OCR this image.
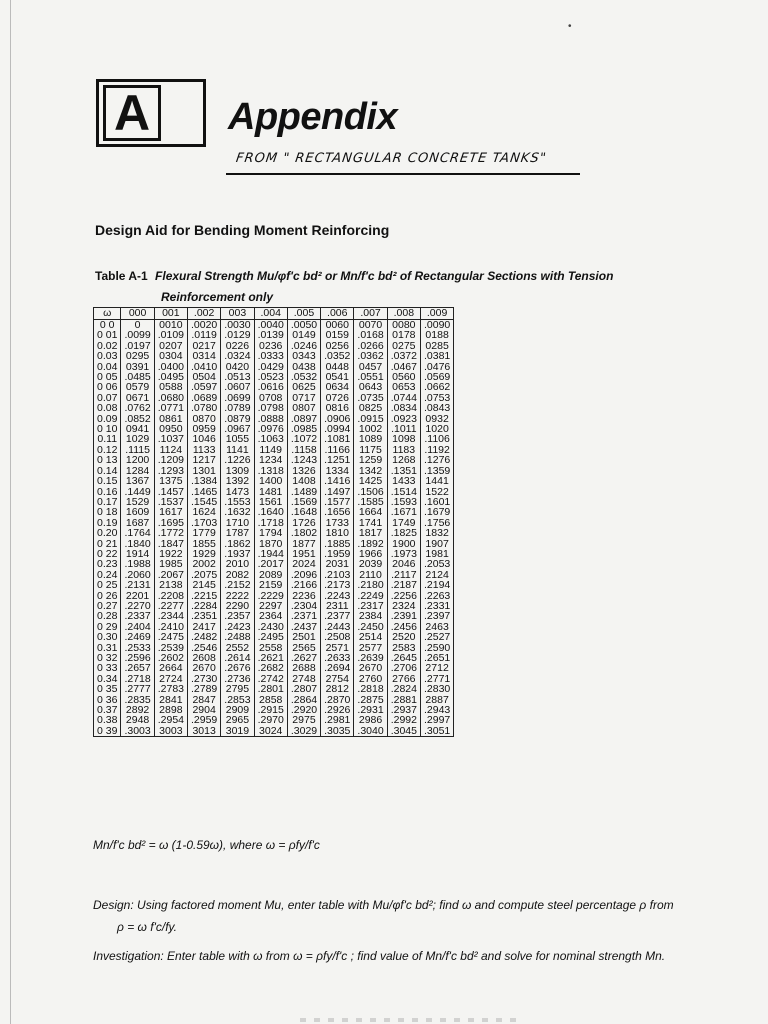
•
A Appendix
FROM " RECTANGULAR CONCRETE TANKS"
Design Aid for Bending Moment Reinforcing
Table A-1 Flexural Strength Mu/φf'c bd² or Mn/f'c bd² of Rectangular Sections with Tension
Reinforcement only
ω	000	001	.002	003	.004	.005	.006	.007	.008	.009
0 0	0	0010	.0020	.0030	.0040	.0050	0060	0070	0080	.0090
0 01	.0099	.0109	.0119	.0129	.0139	0149	0159	.0168	0178	0188
0.02	.0197	0207	0217	0226	0236	.0246	0256	.0266	0275	0285
0.03	0295	0304	0314	.0324	.0333	0343	.0352	.0362	.0372	.0381
0.04	0391	.0400	.0410	0420	.0429	0438	0448	0457	.0467	.0476
0 05	.0485	.0495	0504	.0513	.0523	.0532	0541	.0551	0560	.0569
0 06	0579	0588	.0597	.0607	.0616	0625	0634	0643	0653	.0662
0.07	0671	.0680	.0689	.0699	0708	0717	0726	.0735	.0744	.0753
0.08	.0762	.0771	.0780	.0789	.0798	0807	0816	0825	.0834	.0843
0.09	.0852	0861	0870	.0879	.0888	.0897	.0906	.0915	.0923	0932
0 10	0941	0950	0959	.0967	.0976	.0985	.0994	1002	.1011	1020
0.11	1029	.1037	1046	1055	.1063	.1072	.1081	1089	1098	.1106
0.12	.1115	1124	1133	1141	1149	.1158	.1166	1175	1183	.1192
0 13	1200	.1209	1217	.1226	1234	.1243	.1251	1259	1268	.1276
0.14	1284	.1293	1301	1309	.1318	1326	1334	1342	.1351	.1359
0.15	1367	1375	.1384	1392	1400	1408	.1416	1425	1433	1441
0.16	.1449	.1457	.1465	1473	1481	.1489	.1497	.1506	.1514	1522
0.17	1529	.1537	.1545	.1553	1561	.1569	.1577	.1585	.1593	.1601
0 18	1609	1617	1624	.1632	.1640	.1648	.1656	1664	.1671	.1679
0.19	1687	.1695	.1703	1710	.1718	1726	1733	1741	1749	.1756
0.20	.1764	.1772	1779	1787	1794	.1802	1810	1817	.1825	1832
0 21	.1840	.1847	1855	.1862	1870	1877	.1885	.1892	1900	1907
0 22	1914	1922	1929	.1937	.1944	1951	.1959	1966	.1973	1981
0.23	.1988	1985	2002	2010	.2017	2024	2031	2039	2046	.2053
0.24	.2060	.2067	.2075	2082	2089	.2096	.2103	2110	.2117	2124
0 25	.2131	2138	2145	.2152	2159	.2166	.2173	.2180	.2187	.2194
0 26	2201	.2208	.2215	2222	.2229	2236	.2243	.2249	.2256	.2263
0.27	.2270	.2277	.2284	2290	2297	.2304	2311	.2317	2324	.2331
0.28	.2337	.2344	.2351	.2357	2364	.2371	.2377	2384	.2391	.2397
0 29	.2404	.2410	2417	.2423	.2430	.2437	.2443	.2450	.2456	2463
0.30	.2469	.2475	.2482	.2488	.2495	2501	.2508	2514	2520	.2527
0.31	.2533	.2539	.2546	2552	2558	2565	2571	2577	2583	.2590
0 32	.2596	.2602	2608	.2614	.2621	.2627	.2633	.2639	.2645	.2651
0 33	.2657	2664	2670	.2676	.2682	2688	.2694	2670	.2706	2712
0.34	.2718	2724	.2730	.2736	.2742	2748	2754	2760	2766	.2771
0 35	.2777	.2783	.2789	2795	.2801	.2807	2812	.2818	.2824	.2830
0 36	.2835	2841	2847	.2853	2858	.2864	.2870	.2875	.2881	2887
0.37	2892	2898	2904	2909	.2915	.2920	.2926	.2931	.2937	.2943
0.38	2948	.2954	.2959	2965	.2970	2975	.2981	2986	.2992	.2997
0 39	.3003	3003	3013	3019	3024	.3029	.3035	.3040	.3045	.3051
Mn/f'c bd² = ω (1-0.59ω), where ω = ρfy/f'c
Design: Using factored moment Mu, enter table with Mu/φf'c bd²; find ω and compute steel percentage ρ from
ρ = ω f'c/fy.
Investigation: Enter table with ω from ω = ρfy/f'c ; find value of Mn/f'c bd² and solve for nominal strength Mn.
